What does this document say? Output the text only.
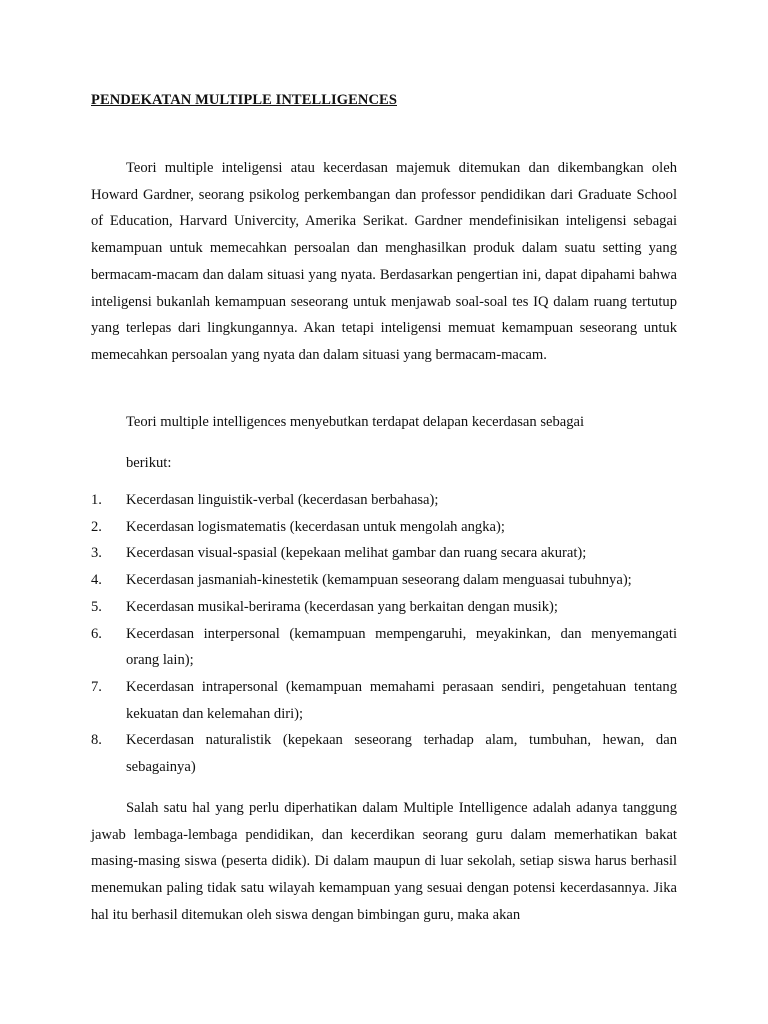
PENDEKATAN MULTIPLE INTELLIGENCES

Teori multiple inteligensi atau kecerdasan majemuk ditemukan dan dikembangkan oleh Howard Gardner, seorang psikolog perkembangan dan professor pendidikan dari Graduate School of Education, Harvard Univercity, Amerika Serikat. Gardner mendefinisikan inteligensi sebagai kemampuan untuk memecahkan persoalan dan menghasilkan produk dalam suatu setting yang bermacam-macam dan dalam situasi yang nyata. Berdasarkan pengertian ini, dapat dipahami bahwa inteligensi bukanlah kemampuan seseorang untuk menjawab soal-soal tes IQ dalam ruang tertutup yang terlepas dari lingkungannya. Akan tetapi inteligensi memuat kemampuan seseorang untuk memecahkan persoalan yang nyata dan dalam situasi yang bermacam-macam.

Teori multiple intelligences menyebutkan terdapat delapan kecerdasan sebagai

berikut:

1.	Kecerdasan linguistik-verbal (kecerdasan berbahasa);
2.	Kecerdasan logismatematis (kecerdasan untuk mengolah angka);
3.	Kecerdasan visual-spasial (kepekaan melihat gambar dan ruang secara akurat);
4.	Kecerdasan jasmaniah-kinestetik (kemampuan seseorang dalam menguasai tubuhnya);
5.	Kecerdasan musikal-berirama (kecerdasan yang berkaitan dengan musik);
6.	Kecerdasan interpersonal (kemampuan mempengaruhi, meyakinkan, dan menyemangati orang lain);
7.	Kecerdasan intrapersonal (kemampuan memahami perasaan sendiri, pengetahuan tentang kekuatan dan kelemahan diri);
8.	Kecerdasan naturalistik (kepekaan seseorang terhadap alam, tumbuhan, hewan, dan sebagainya)

Salah satu hal yang perlu diperhatikan dalam Multiple Intelligence adalah adanya tanggung jawab lembaga-lembaga pendidikan, dan kecerdikan seorang guru dalam memerhatikan bakat masing-masing siswa (peserta didik). Di dalam maupun di luar sekolah, setiap siswa harus berhasil menemukan paling tidak satu wilayah kemampuan yang sesuai dengan potensi kecerdasannya. Jika hal itu berhasil ditemukan oleh siswa dengan bimbingan guru, maka akan
